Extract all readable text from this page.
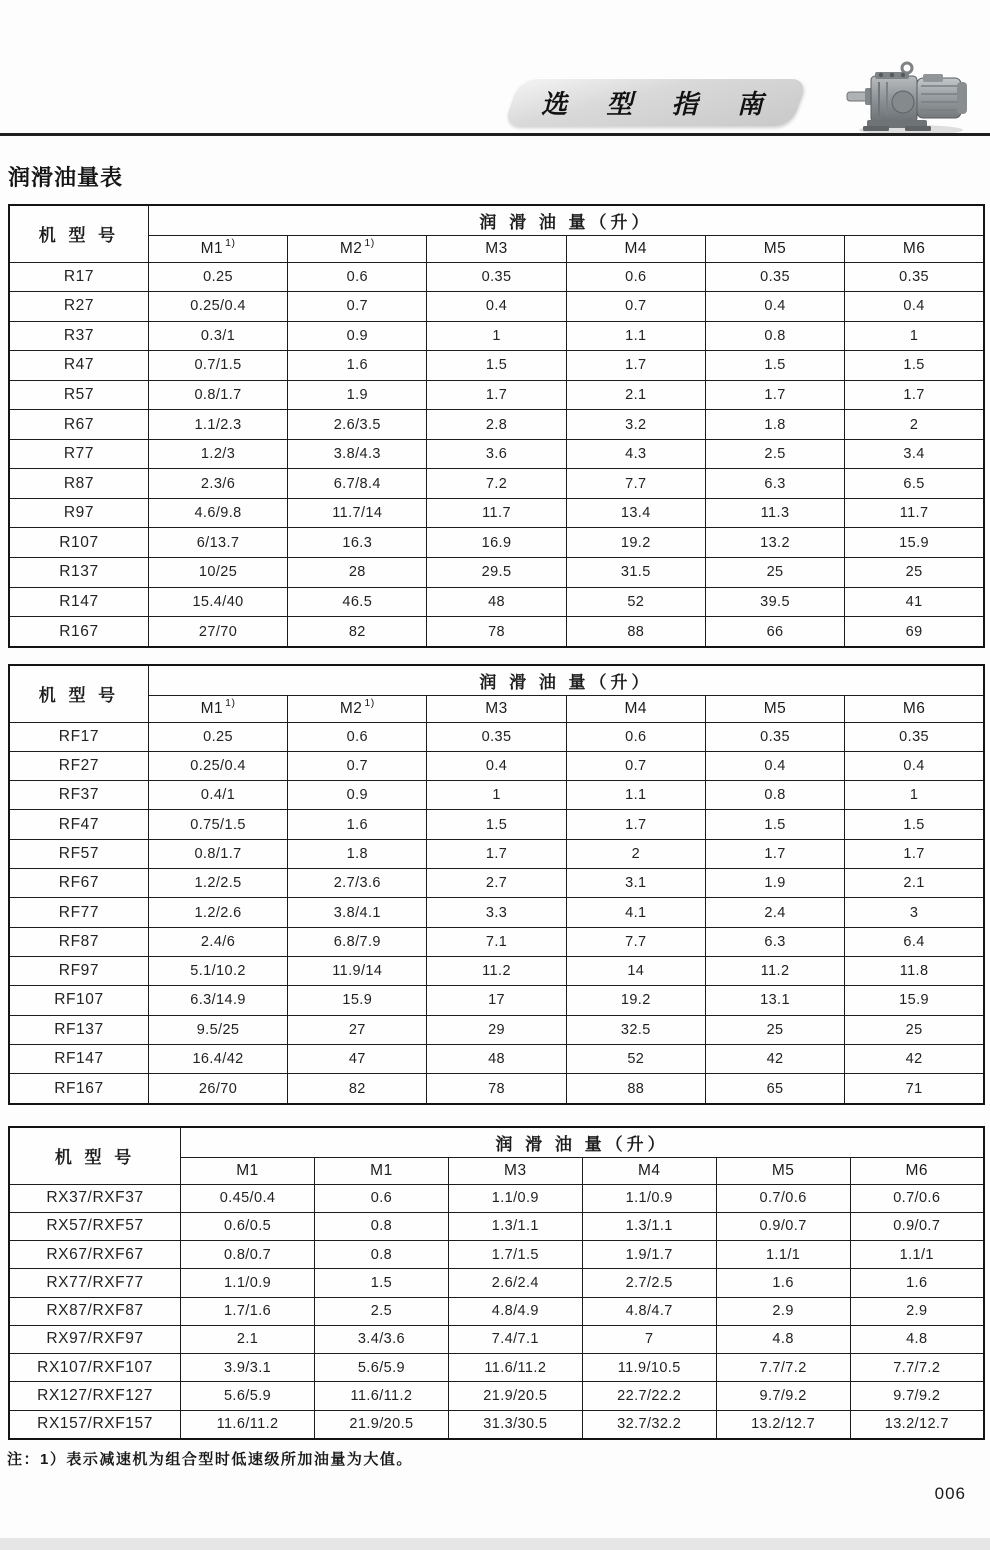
选 型 指 南
润滑油量表
机 型 号	润 滑 油 量（升）					
	M1 $^{1)}$	M2 $^{1)}$	M3	M4	M5	M6
R17	0.25	0.6	0.35	0.6	0.35	0.35
R27	0.25/0.4	0.7	0.4	0.7	0.4	0.4
R37	0.3/1	0.9	1	1.1	0.8	1
R47	0.7/1.5	1.6	1.5	1.7	1.5	1.5
R57	0.8/1.7	1.9	1.7	2.1	1.7	1.7
R67	1.1/2.3	2.6/3.5	2.8	3.2	1.8	2
R77	1.2/3	3.8/4.3	3.6	4.3	2.5	3.4
R87	2.3/6	6.7/8.4	7.2	7.7	6.3	6.5
R97	4.6/9.8	11.7/14	11.7	13.4	11.3	11.7
R107	6/13.7	16.3	16.9	19.2	13.2	15.9
R137	10/25	28	29.5	31.5	25	25
R147	15.4/40	46.5	48	52	39.5	41
R167	27/70	82	78	88	66	69
机 型 号	润 滑 油 量（升）					
	M1 $^{1)}$	M2 $^{1)}$	M3	M4	M5	M6
RF17	0.25	0.6	0.35	0.6	0.35	0.35
RF27	0.25/0.4	0.7	0.4	0.7	0.4	0.4
RF37	0.4/1	0.9	1	1.1	0.8	1
RF47	0.75/1.5	1.6	1.5	1.7	1.5	1.5
RF57	0.8/1.7	1.8	1.7	2	1.7	1.7
RF67	1.2/2.5	2.7/3.6	2.7	3.1	1.9	2.1
RF77	1.2/2.6	3.8/4.1	3.3	4.1	2.4	3
RF87	2.4/6	6.8/7.9	7.1	7.7	6.3	6.4
RF97	5.1/10.2	11.9/14	11.2	14	11.2	11.8
RF107	6.3/14.9	15.9	17	19.2	13.1	15.9
RF137	9.5/25	27	29	32.5	25	25
RF147	16.4/42	47	48	52	42	42
RF167	26/70	82	78	88	65	71
机 型 号	润 滑 油 量（升）					
	M1	M1	M3	M4	M5	M6
RX37/RXF37	0.45/0.4	0.6	1.1/0.9	1.1/0.9	0.7/0.6	0.7/0.6
RX57/RXF57	0.6/0.5	0.8	1.3/1.1	1.3/1.1	0.9/0.7	0.9/0.7
RX67/RXF67	0.8/0.7	0.8	1.7/1.5	1.9/1.7	1.1/1	1.1/1
RX77/RXF77	1.1/0.9	1.5	2.6/2.4	2.7/2.5	1.6	1.6
RX87/RXF87	1.7/1.6	2.5	4.8/4.9	4.8/4.7	2.9	2.9
RX97/RXF97	2.1	3.4/3.6	7.4/7.1	7	4.8	4.8
RX107/RXF107	3.9/3.1	5.6/5.9	11.6/11.2	11.9/10.5	7.7/7.2	7.7/7.2
RX127/RXF127	5.6/5.9	11.6/11.2	21.9/20.5	22.7/22.2	9.7/9.2	9.7/9.2
RX157/RXF157	11.6/11.2	21.9/20.5	31.3/30.5	32.7/32.2	13.2/12.7	13.2/12.7
注：1）表示减速机为组合型时低速级所加油量为大值。
006
